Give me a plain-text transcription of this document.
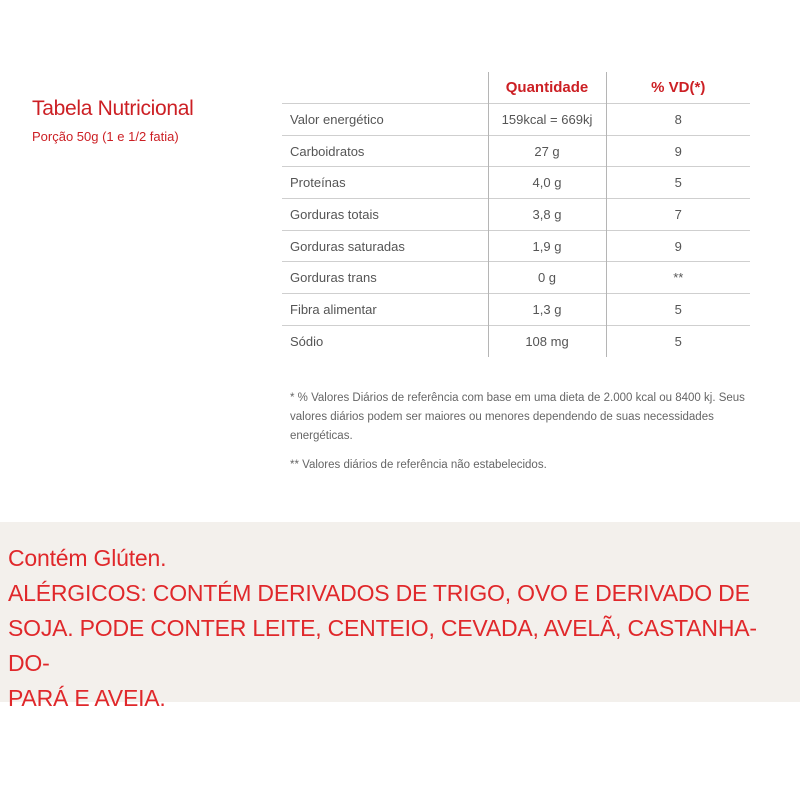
Tabela Nutricional
Porção 50g (1 e 1/2 fatia)
	Quantidade	% VD(*)
Valor energético	159kcal = 669kj	8
Carboidratos	27 g	9
Proteínas	4,0 g	5
Gorduras totais	3,8 g	7
Gorduras saturadas	1,9 g	9
Gorduras trans	0 g	**
Fibra alimentar	1,3 g	5
Sódio	108 mg	5

* % Valores Diários de referência com base em uma dieta de 2.000 kcal ou 8400 kj. Seus valores diários podem ser maiores ou menores dependendo de suas necessidades energéticas.

** Valores diários de referência não estabelecidos.

Contém Glúten.
ALÉRGICOS: CONTÉM DERIVADOS DE TRIGO, OVO E DERIVADO DE
SOJA. PODE CONTER LEITE, CENTEIO, CEVADA, AVELÃ, CASTANHA-DO-
PARÁ E AVEIA.
